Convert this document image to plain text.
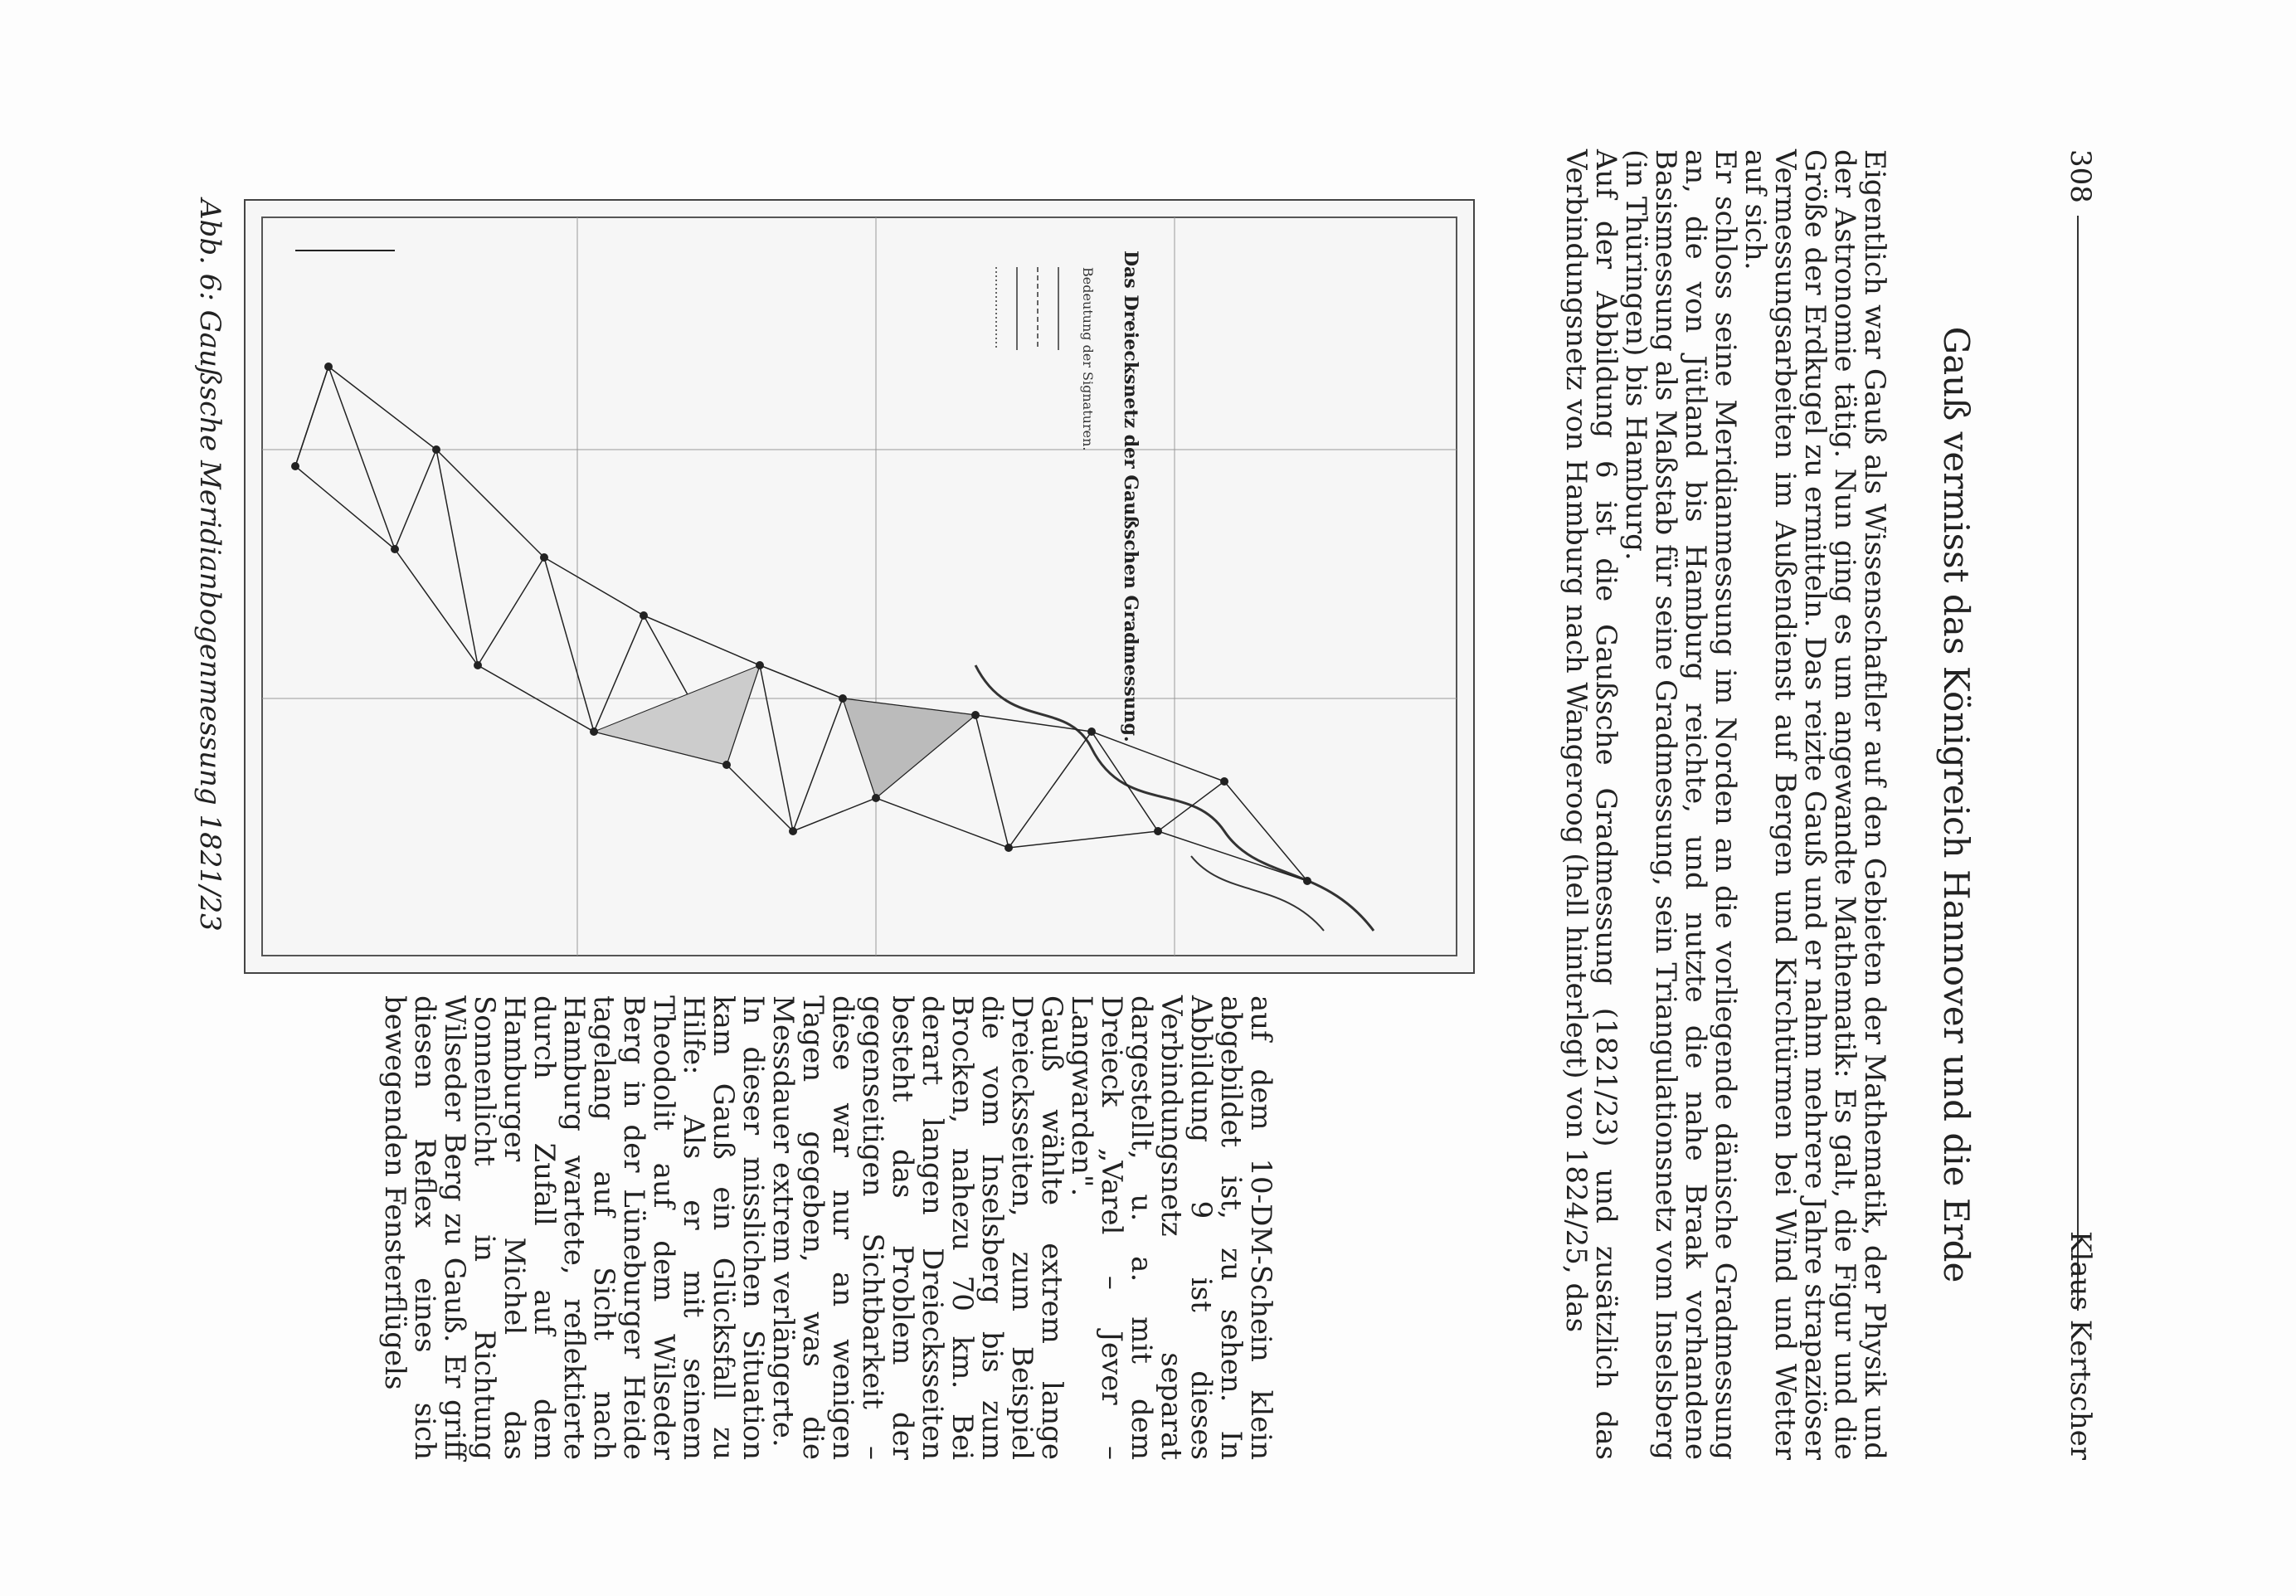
308
Klaus Kertscher
Gauß vermisst das Königreich Hannover und die Erde

Eigentlich war Gauß als Wissenschaftler auf den Gebieten der Mathematik, der Physik und der Astronomie tätig. Nun ging es um angewandte Mathematik: Es galt, die Figur und die Größe der Erdkugel zu ermitteln. Das reizte Gauß und er nahm mehrere Jahre strapaziöser Vermessungsarbeiten im Außendienst auf Bergen und Kirchtürmen bei Wind und Wetter auf sich.

Er schloss seine Meridianmessung im Norden an die vorliegende dänische Gradmessung an, die von Jütland bis Hamburg reichte, und nutzte die nahe Braak vorhandene Basismessung als Maßstab für seine Gradmessung, sein Triangulationsnetz vom Inselsberg (in Thüringen) bis Hamburg.

Auf der Abbildung 6 ist die Gaußsche Gradmessung (1821/23) und zusätzlich das Verbindungsnetz von Hamburg nach Wangeroog (hell hinterlegt) von 1824/25, das

Das Dreiecksnetz der Gaußschen Gradmessung.
Bedeutung der Signaturen.

auf dem 10-DM-Schein klein abgebildet ist, zu sehen. In Abbildung 9 ist dieses Verbindungsnetz separat dargestellt, u. a. mit dem Dreieck „Varel – Jever – Langwarden".

Gauß wählte extrem lange Dreiecksseiten, zum Beispiel die vom Inselsberg bis zum Brocken, nahezu 70 km. Bei derart langen Dreiecksseiten besteht das Problem der gegenseitigen Sichtbarkeit – diese war nur an wenigen Tagen gegeben, was die Messdauer extrem verlängerte.

In dieser misslichen Situation kam Gauß ein Glücksfall zu Hilfe: Als er mit seinem Theodolit auf dem Wilseder Berg in der Lüneburger Heide tagelang auf Sicht nach Hamburg wartete, reflektierte durch Zufall auf dem Hamburger Michel das Sonnenlicht in Richtung Wilseder Berg zu Gauß. Er griff diesen Reflex eines sich bewegenden Fensterflügels

Abb. 6: Gaußsche Meridianbogenmessung 1821/23
